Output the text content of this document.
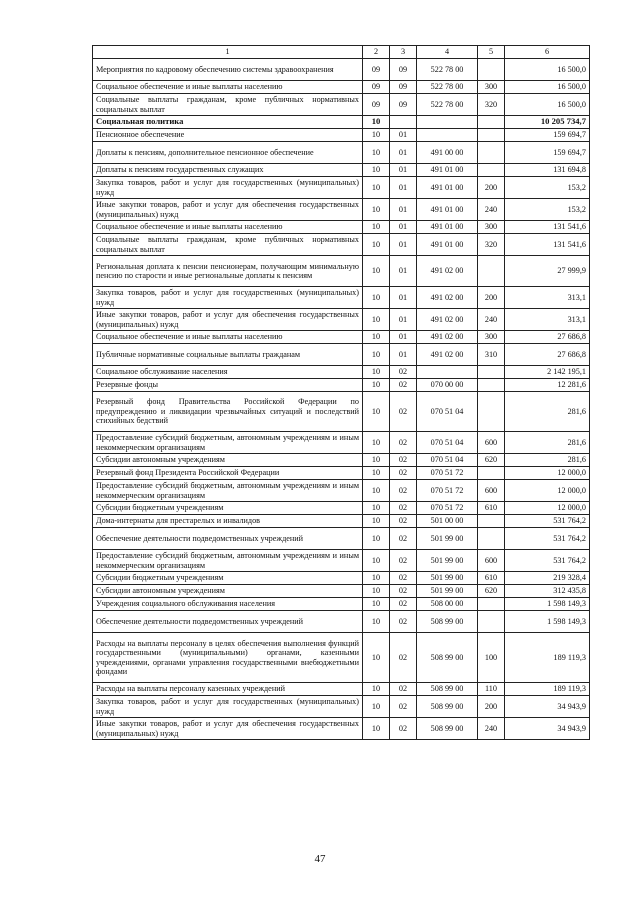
1	2	3	4	5	6
Мероприятия по кадровому обеспечению системы здравоохранения	09	09	522 78 00		16 500,0
Социальное обеспечение и иные выплаты населению	09	09	522 78 00	300	16 500,0
Социальные выплаты гражданам, кроме публичных нормативных социальных выплат	09	09	522 78 00	320	16 500,0
Социальная политика	10				10 205 734,7
Пенсионное обеспечение	10	01			159 694,7
Доплаты к пенсиям, дополнительное пенсионное обеспечение	10	01	491 00 00		159 694,7
Доплаты к пенсиям государственных служащих	10	01	491 01 00		131 694,8
Закупка товаров, работ и услуг для государственных (муниципальных) нужд	10	01	491 01 00	200	153,2
Иные закупки товаров, работ и услуг для обеспечения государственных (муниципальных) нужд	10	01	491 01 00	240	153,2
Социальное обеспечение и иные выплаты населению	10	01	491 01 00	300	131 541,6
Социальные выплаты гражданам, кроме публичных нормативных социальных выплат	10	01	491 01 00	320	131 541,6
Региональная доплата к пенсии пенсионерам, получающим минимальную пенсию по старости и иные региональные доплаты к пенсиям	10	01	491 02 00		27 999,9
Закупка товаров, работ и услуг для государственных (муниципальных) нужд	10	01	491 02 00	200	313,1
Иные закупки товаров, работ и услуг для обеспечения государственных (муниципальных) нужд	10	01	491 02 00	240	313,1
Социальное обеспечение и иные выплаты населению	10	01	491 02 00	300	27 686,8
Публичные нормативные социальные выплаты гражданам	10	01	491 02 00	310	27 686,8
Социальное обслуживание населения	10	02			2 142 195,1
Резервные фонды	10	02	070 00 00		12 281,6
Резервный фонд Правительства Российской Федерации по предупреждению и ликвидации чрезвычайных ситуаций и последствий стихийных бедствий	10	02	070 51 04		281,6
Предоставление субсидий бюджетным, автономным учреждениям и иным некоммерческим организациям	10	02	070 51 04	600	281,6
Субсидии автономным учреждениям	10	02	070 51 04	620	281,6
Резервный фонд Президента Российской Федерации	10	02	070 51 72		12 000,0
Предоставление субсидий бюджетным, автономным учреждениям и иным некоммерческим организациям	10	02	070 51 72	600	12 000,0
Субсидии бюджетным учреждениям	10	02	070 51 72	610	12 000,0
Дома-интернаты для престарелых и инвалидов	10	02	501 00 00		531 764,2
Обеспечение деятельности подведомственных учреждений	10	02	501 99 00		531 764,2
Предоставление субсидий бюджетным, автономным учреждениям и иным некоммерческим организациям	10	02	501 99 00	600	531 764,2
Субсидии бюджетным учреждениям	10	02	501 99 00	610	219 328,4
Субсидии автономным учреждениям	10	02	501 99 00	620	312 435,8
Учреждения социального обслуживания населения	10	02	508 00 00		1 598 149,3
Обеспечение деятельности подведомственных учреждений	10	02	508 99 00		1 598 149,3
Расходы на выплаты персоналу в целях обеспечения выполнения функций государственными (муниципальными) органами, казенными учреждениями, органами управления государственными внебюджетными фондами	10	02	508 99 00	100	189 119,3
Расходы на выплаты персоналу казенных учреждений	10	02	508 99 00	110	189 119,3
Закупка товаров, работ и услуг для государственных (муниципальных) нужд	10	02	508 99 00	200	34 943,9
Иные закупки товаров, работ и услуг для обеспечения государственных (муниципальных) нужд	10	02	508 99 00	240	34 943,9
47
